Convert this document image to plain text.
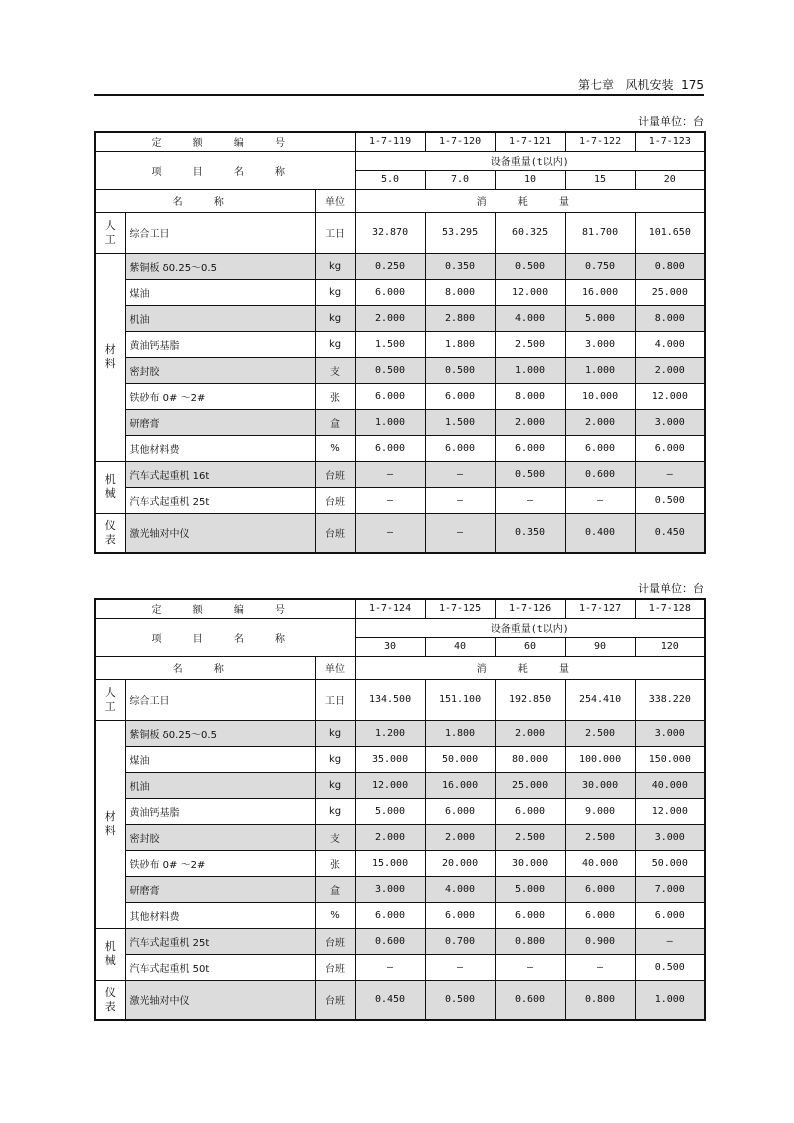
第七章 风机安装 175
计量单位：台
定 额 编 号			1-7-119	1-7-120	1-7-121	1-7-122	1-7-123
项 目 名 称			设备重量(t以内)				
			5.0	7.0	10	15	20
名 称		单位	消 耗 量				

人
工	综合工日	工日	32.870	53.295	60.325	81.700	101.650

材
料	紫铜板 δ0.25～0.5	kg	0.250	0.350	0.500	0.750	0.800
	煤油	kg	6.000	8.000	12.000	16.000	25.000
	机油	kg	2.000	2.800	4.000	5.000	8.000
	黄油钙基脂	kg	1.500	1.800	2.500	3.000	4.000
	密封胶	支	0.500	0.500	1.000	1.000	2.000
	铁砂布 0# ～2#	张	6.000	6.000	8.000	10.000	12.000
	研磨膏	盒	1.000	1.500	2.000	2.000	3.000
	其他材料费	%	6.000	6.000	6.000	6.000	6.000

机
械	汽车式起重机 16t	台班	—	—	0.500	0.600	—
	汽车式起重机 25t	台班	—	—	—	—	0.500

仪
表	激光轴对中仪	台班	—	—	0.350	0.400	0.450
计量单位：台
定 额 编 号			1-7-124	1-7-125	1-7-126	1-7-127	1-7-128
项 目 名 称			设备重量(t以内)				
			30	40	60	90	120
名 称		单位	消 耗 量				

人
工	综合工日	工日	134.500	151.100	192.850	254.410	338.220

材
料	紫铜板 δ0.25～0.5	kg	1.200	1.800	2.000	2.500	3.000
	煤油	kg	35.000	50.000	80.000	100.000	150.000
	机油	kg	12.000	16.000	25.000	30.000	40.000
	黄油钙基脂	kg	5.000	6.000	6.000	9.000	12.000
	密封胶	支	2.000	2.000	2.500	2.500	3.000
	铁砂布 0# ～2#	张	15.000	20.000	30.000	40.000	50.000
	研磨膏	盒	3.000	4.000	5.000	6.000	7.000
	其他材料费	%	6.000	6.000	6.000	6.000	6.000

机
械	汽车式起重机 25t	台班	0.600	0.700	0.800	0.900	—
	汽车式起重机 50t	台班	—	—	—	—	0.500

仪
表	激光轴对中仪	台班	0.450	0.500	0.600	0.800	1.000
